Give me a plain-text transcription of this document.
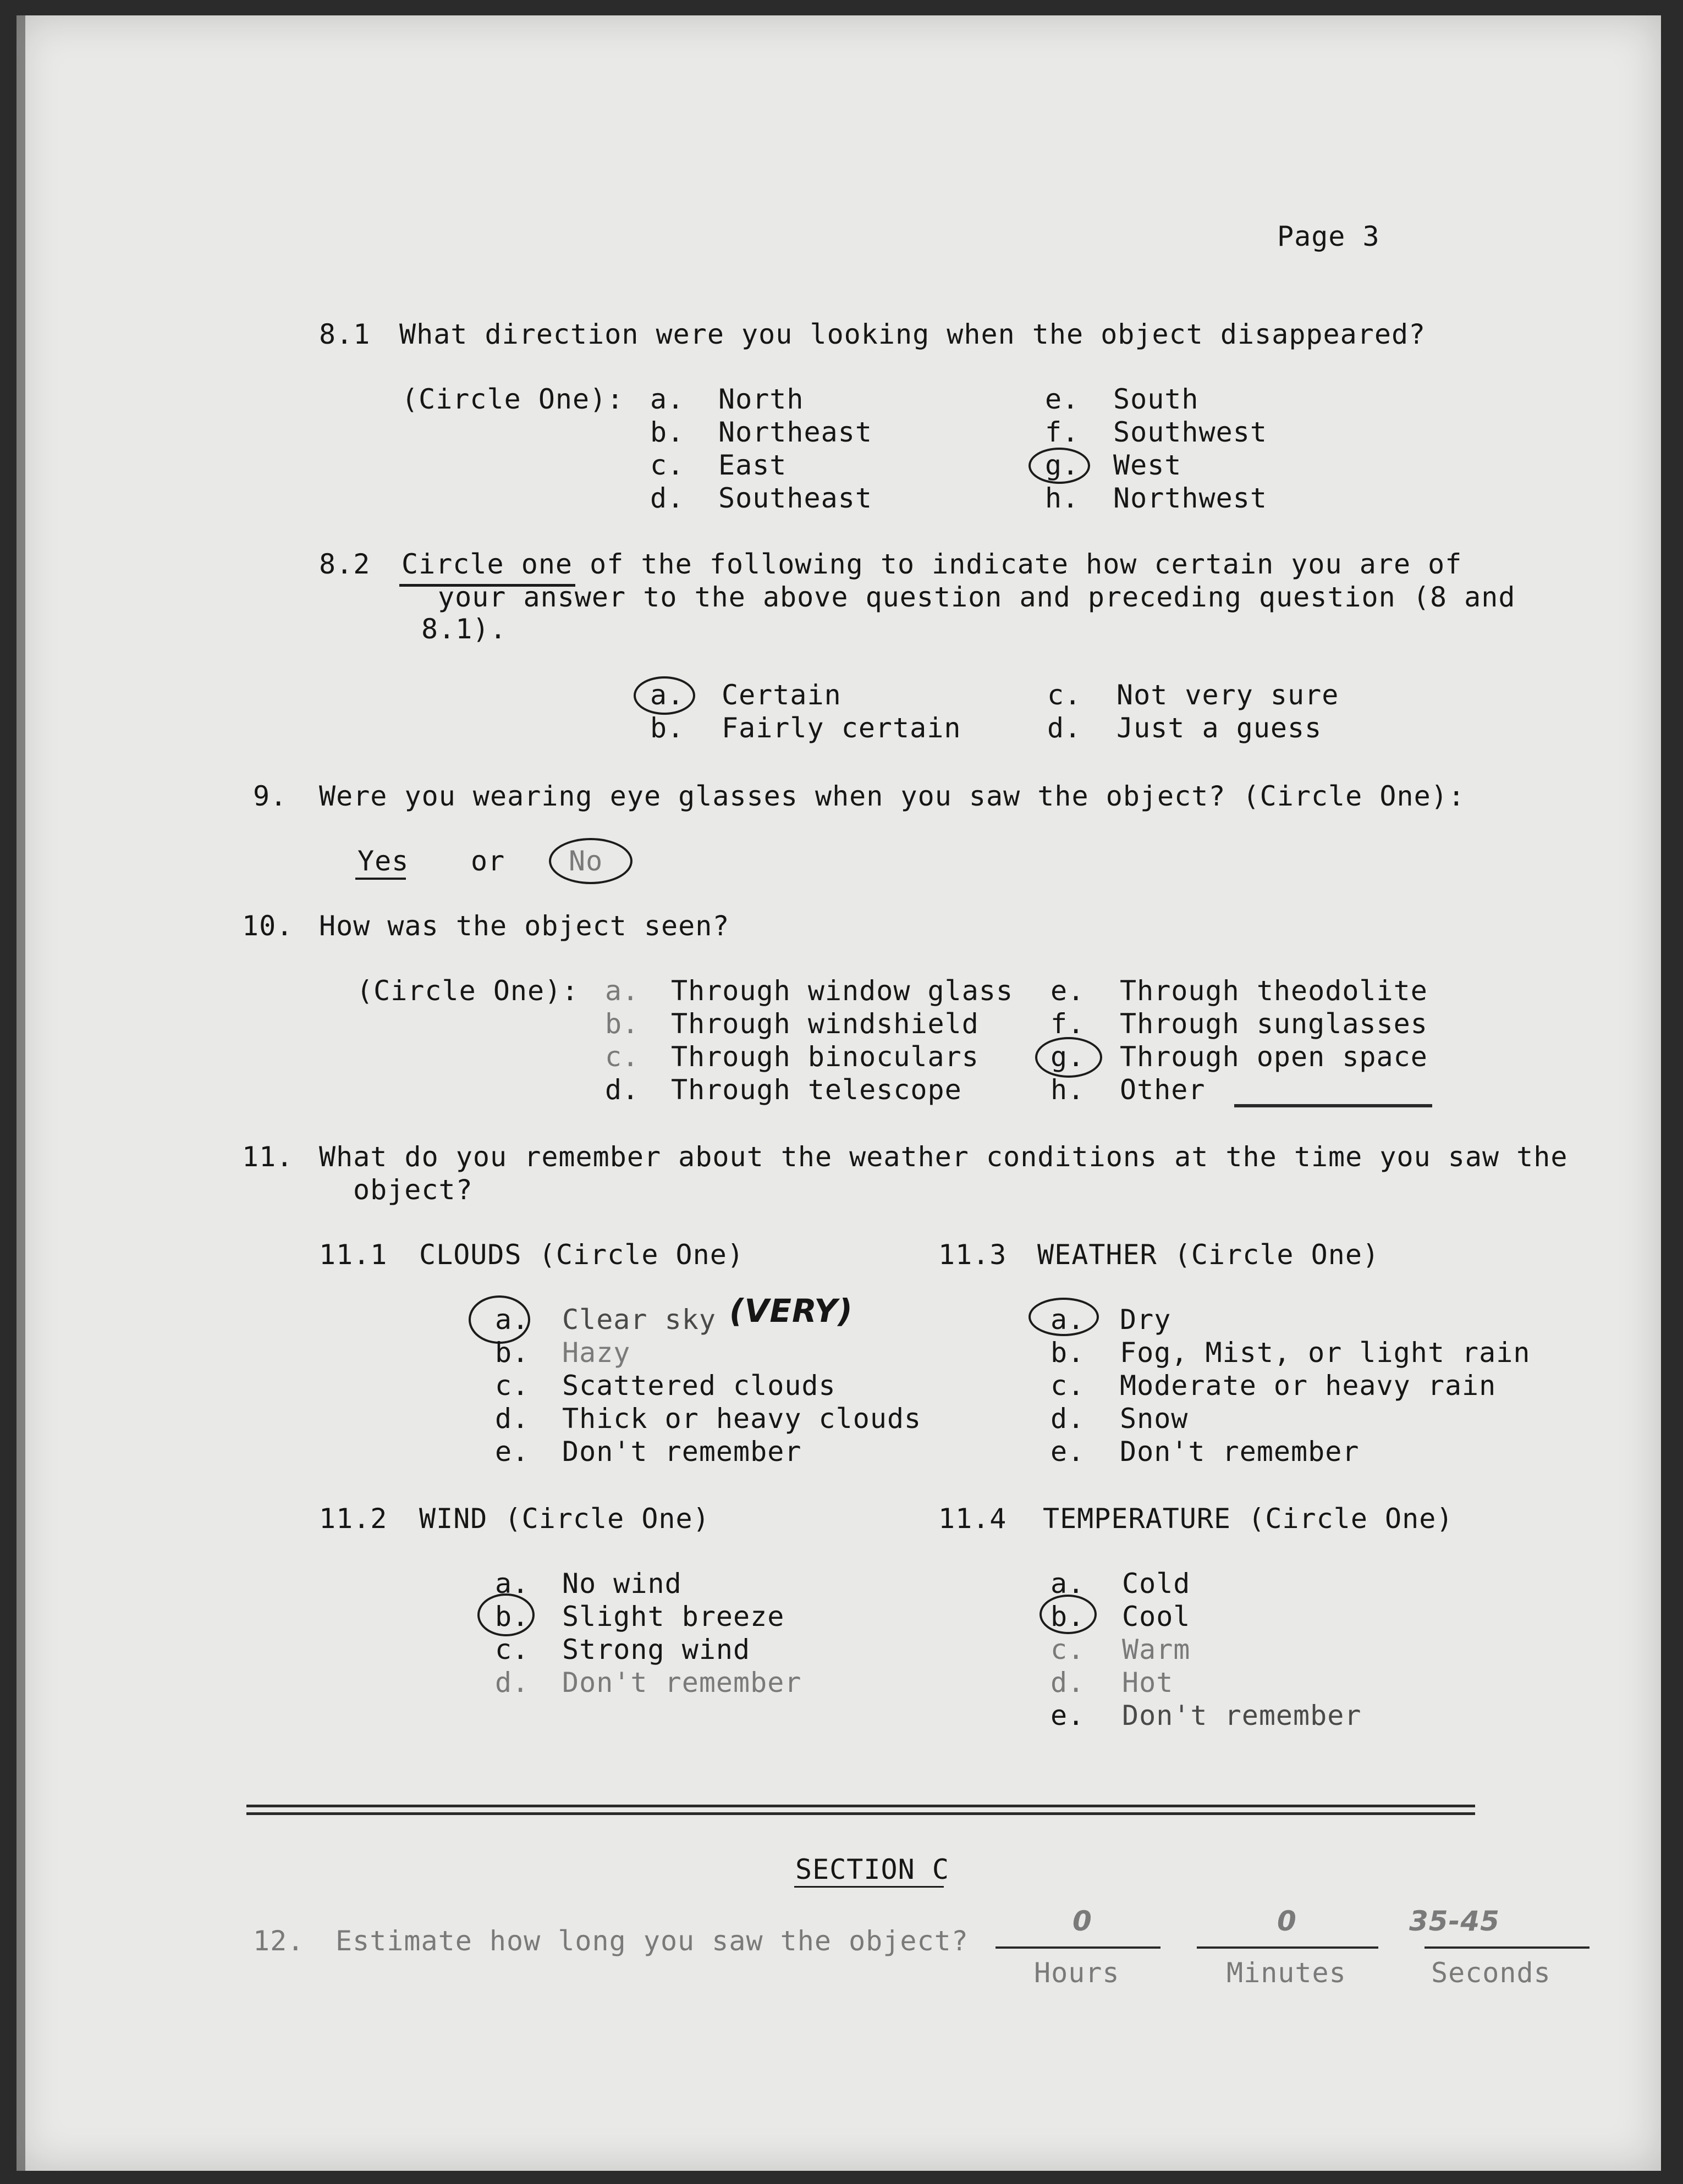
Page 3
8.1 What direction were you looking when the object disappeared?
(Circle One): a. North
b. Northeast
c. East
d. Southeast
e. South
f. Southwest
g. West
h. Northwest
8.2 Circle one of the following to indicate how certain you are of
your answer to the above question and preceding question (8 and
8.1).
a. Certain
b. Fairly certain
c. Not very sure
d. Just a guess
9. Were you wearing eye glasses when you saw the object? (Circle One):
Yes or No
10. How was the object seen?
(Circle One): a. Through window glass
b. Through windshield
c. Through binoculars
d. Through telescope
e. Through theodolite
f. Through sunglasses
g. Through open space
h. Other
11. What do you remember about the weather conditions at the time you saw the
object?
11.1 CLOUDS (Circle One)
a. Clear sky (VERY)
b. Hazy
c. Scattered clouds
d. Thick or heavy clouds
e. Don't remember
11.3 WEATHER (Circle One)
a. Dry
b. Fog, Mist, or light rain
c. Moderate or heavy rain
d. Snow
e. Don't remember
11.2 WIND (Circle One)
a. No wind
b. Slight breeze
c. Strong wind
d. Don't remember
11.4 TEMPERATURE (Circle One)
a. Cold
b. Cool
c. Warm
d. Hot
e. Don't remember
SECTION C
12. Estimate how long you saw the object?
0
Hours
0
Minutes
35-45
Seconds
